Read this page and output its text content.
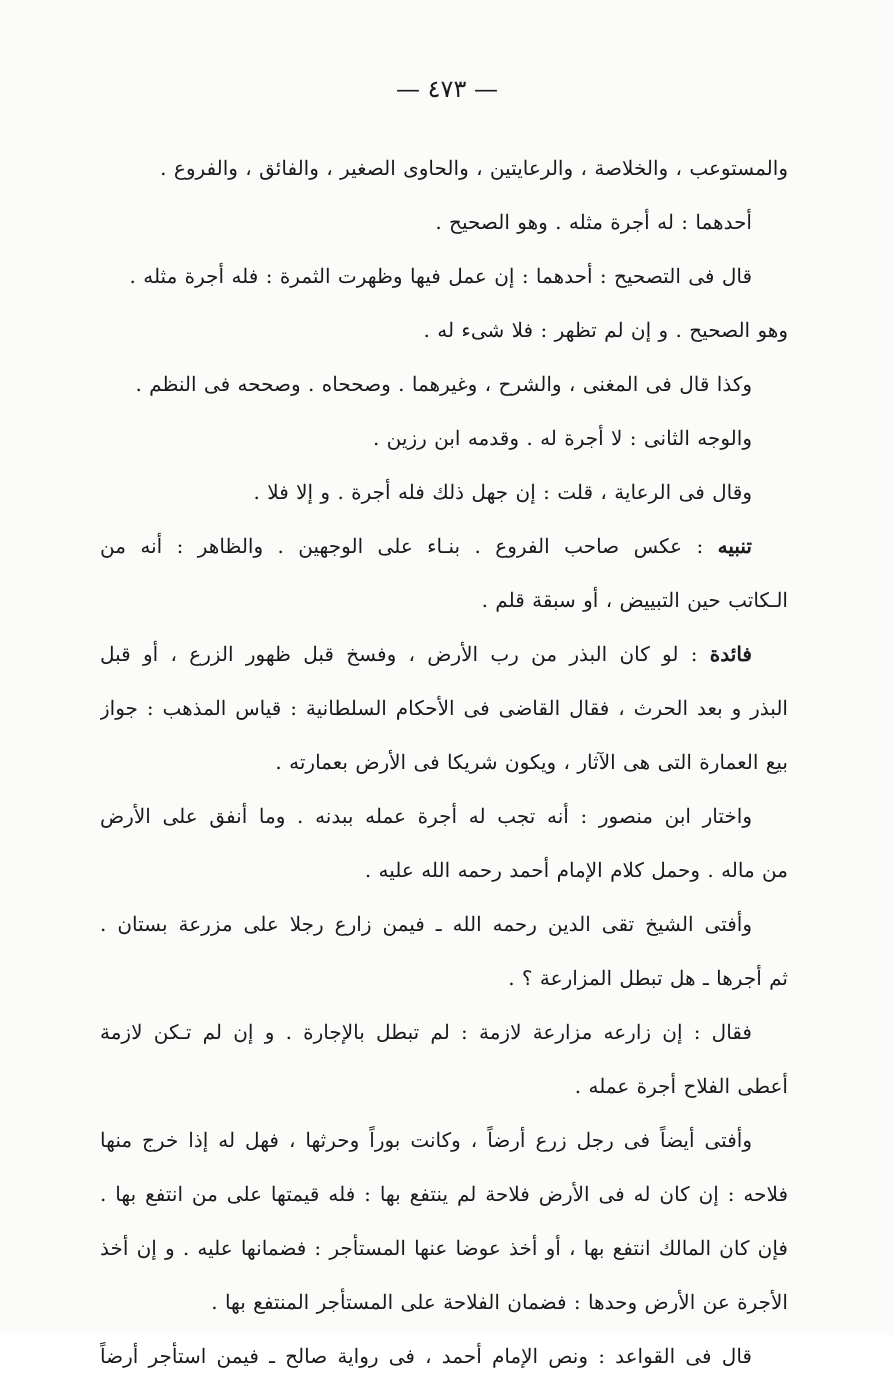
— ٤٧٣ —
والمستوعب ، والخلاصة ، والرعايتين ، والحاوى الصغير ، والفائق ، والفروع .
أحدهما : له أجرة مثله . وهو الصحيح .
قال فى التصحيح : أحدهما : إن عمل فيها وظهرت الثمرة : فله أجرة مثله .
وهو الصحيح . و إن لم تظهر : فلا شىء له .
وكذا قال فى المغنى ، والشرح ، وغيرهما . وصححاه . وصححه فى النظم .
والوجه الثانى : لا أجرة له . وقدمه ابن رزين .
وقال فى الرعاية ، قلت : إن جهل ذلك فله أجرة . و إلا فلا .
تنبيه : عكس صاحب الفروع . بنـاء على الوجهين . والظاهر : أنه من
الـكاتب حين التبييض ، أو سبقة قلم .
فائدة : لو كان البذر من رب الأرض ، وفسخ قبل ظهور الزرع ، أو قبل
البذر و بعد الحرث ، فقال القاضى فى الأحكام السلطانية : قياس المذهب : جواز
بيع العمارة التى هى الآثار ، ويكون شريكا فى الأرض بعمارته .
واختار ابن منصور : أنه تجب له أجرة عمله ببدنه . وما أنفق على الأرض
من ماله . وحمل كلام الإمام أحمد رحمه الله عليه .
وأفتى الشيخ تقى الدين رحمه الله ـ فيمن زارع رجلا على مزرعة بستان .
ثم أجرها ـ هل تبطل المزارعة ؟ .
فقال : إن زارعه مزارعة لازمة : لم تبطل بالإجارة . و إن لم تـكن لازمة
أعطى الفلاح أجرة عمله .
وأفتى أيضاً فى رجل زرع أرضاً ، وكانت بوراً وحرثها ، فهل له إذا خرج منها
فلاحه : إن كان له فى الأرض فلاحة لم ينتفع بها : فله قيمتها على من انتفع بها .
فإن كان المالك انتفع بها ، أو أخذ عوضا عنها المستأجر : فضمانها عليه . و إن أخذ
الأجرة عن الأرض وحدها : فضمان الفلاحة على المستأجر المنتفع بها .
قال فى القواعد : ونص الإمام أحمد ، فى رواية صالح ـ فيمن استأجر أرضاً
